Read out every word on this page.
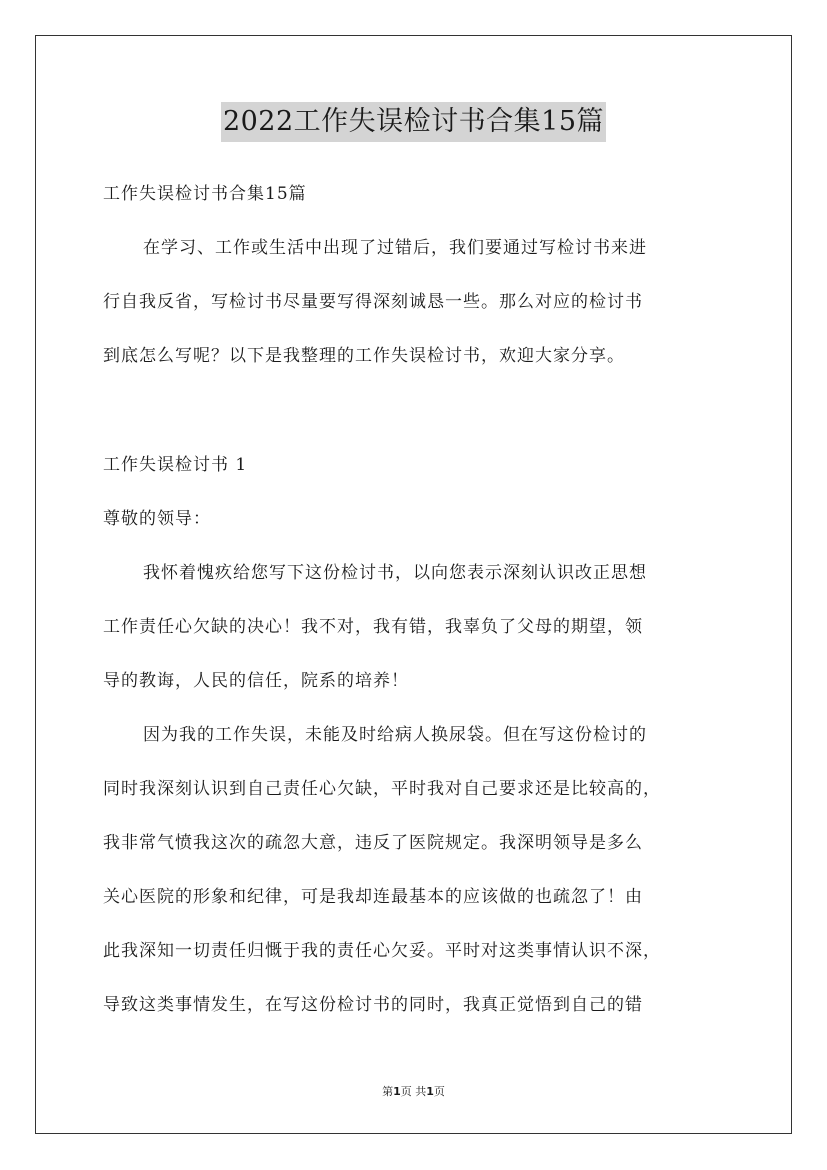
2022工作失误检讨书合集15篇
工作失误检讨书合集15篇
在学习、工作或生活中出现了过错后，我们要通过写检讨书来进
行自我反省，写检讨书尽量要写得深刻诚恳一些。那么对应的检讨书
到底怎么写呢？以下是我整理的工作失误检讨书，欢迎大家分享。
工作失误检讨书 1
尊敬的领导：
我怀着愧疚给您写下这份检讨书，以向您表示深刻认识改正思想
工作责任心欠缺的决心！我不对，我有错，我辜负了父母的期望，领
导的教诲，人民的信任，院系的培养！
因为我的工作失误，未能及时给病人换尿袋。但在写这份检讨的
同时我深刻认识到自己责任心欠缺，平时我对自己要求还是比较高的，
我非常气愤我这次的疏忽大意，违反了医院规定。我深明领导是多么
关心医院的形象和纪律，可是我却连最基本的应该做的也疏忽了！由
此我深知一切责任归慨于我的责任心欠妥。平时对这类事情认识不深，
导致这类事情发生，在写这份检讨书的同时，我真正觉悟到自己的错
第1页 共1页
